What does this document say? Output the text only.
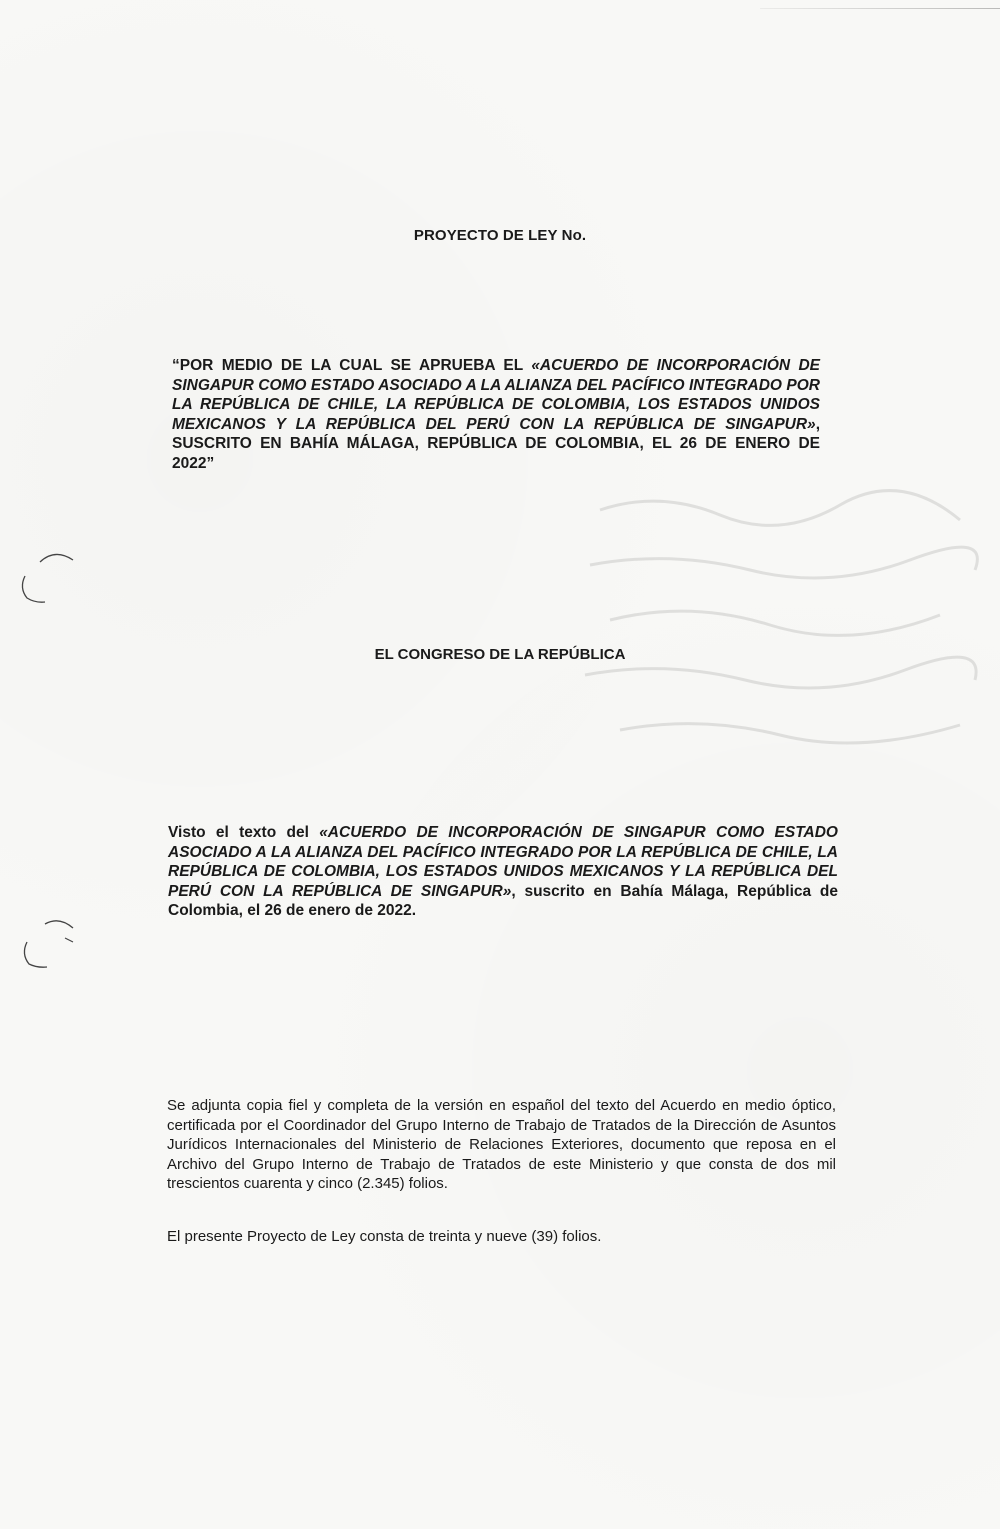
PROYECTO DE LEY No.
“POR MEDIO DE LA CUAL SE APRUEBA EL «ACUERDO DE INCORPORACIÓN DE SINGAPUR COMO ESTADO ASOCIADO A LA ALIANZA DEL PACÍFICO INTEGRADO POR LA REPÚBLICA DE CHILE, LA REPÚBLICA DE COLOMBIA, LOS ESTADOS UNIDOS MEXICANOS Y LA REPÚBLICA DEL PERÚ CON LA REPÚBLICA DE SINGAPUR», SUSCRITO EN BAHÍA MÁLAGA, REPÚBLICA DE COLOMBIA, EL 26 DE ENERO DE 2022”
EL CONGRESO DE LA REPÚBLICA
Visto el texto del «ACUERDO DE INCORPORACIÓN DE SINGAPUR COMO ESTADO ASOCIADO A LA ALIANZA DEL PACÍFICO INTEGRADO POR LA REPÚBLICA DE CHILE, LA REPÚBLICA DE COLOMBIA, LOS ESTADOS UNIDOS MEXICANOS Y LA REPÚBLICA DEL PERÚ CON LA REPÚBLICA DE SINGAPUR», suscrito en Bahía Málaga, República de Colombia, el 26 de enero de 2022.
Se adjunta copia fiel y completa de la versión en español del texto del Acuerdo en medio óptico, certificada por el Coordinador del Grupo Interno de Trabajo de Tratados de la Dirección de Asuntos Jurídicos Internacionales del Ministerio de Relaciones Exteriores, documento que reposa en el Archivo del Grupo Interno de Trabajo de Tratados de este Ministerio y que consta de dos mil trescientos cuarenta y cinco (2.345) folios.
El presente Proyecto de Ley consta de treinta y nueve (39) folios.
